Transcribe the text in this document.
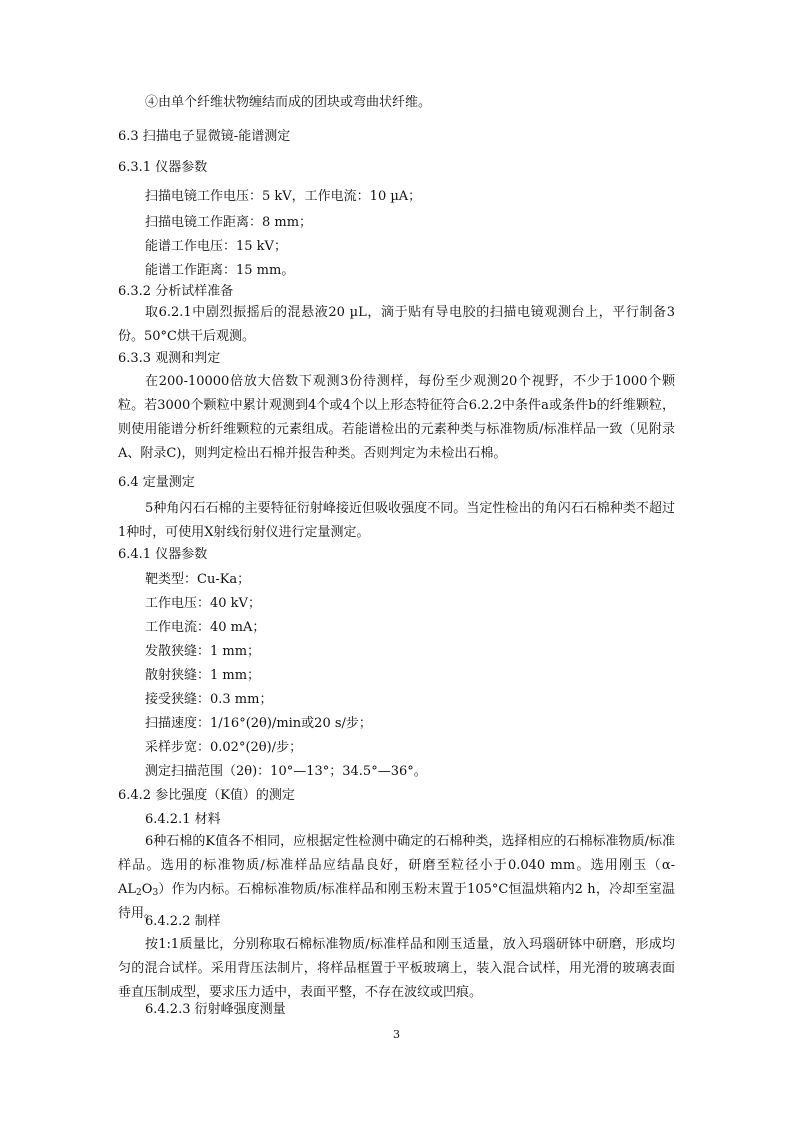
④由单个纤维状物缠结而成的团块或弯曲状纤维。
6.3 扫描电子显微镜-能谱测定
6.3.1 仪器参数
扫描电镜工作电压：5 kV，工作电流：10 µA；
扫描电镜工作距离：8 mm；
能谱工作电压：15 kV；
能谱工作距离：15 mm。
6.3.2 分析试样准备
取6.2.1中剧烈振摇后的混悬液20 µL，滴于贴有导电胶的扫描电镜观测台上，平行制备3份。50°C烘干后观测。
6.3.3 观测和判定
在200-10000倍放大倍数下观测3份待测样，每份至少观测20个视野，不少于1000个颗粒。若3000个颗粒中累计观测到4个或4个以上形态特征符合6.2.2中条件a或条件b的纤维颗粒，则使用能谱分析纤维颗粒的元素组成。若能谱检出的元素种类与标准物质/标准样品一致（见附录A、附录C)，则判定检出石棉并报告种类。否则判定为未检出石棉。
6.4 定量测定
5种角闪石石棉的主要特征衍射峰接近但吸收强度不同。当定性检出的角闪石石棉种类不超过1种时，可使用X射线衍射仪进行定量测定。
6.4.1 仪器参数
靶类型：Cu-Ka；
工作电压：40 kV；
工作电流：40 mA；
发散狭缝：1 mm；
散射狭缝：1 mm；
接受狭缝：0.3 mm；
扫描速度：1/16°(2θ)/min或20 s/步；
采样步宽：0.02°(2θ)/步；
测定扫描范围（2θ)：10°—13°；34.5°—36°。
6.4.2 参比强度（K值）的测定
6.4.2.1 材料
6种石棉的K值各不相同，应根据定性检测中确定的石棉种类，选择相应的石棉标准物质/标准样品。选用的标准物质/标准样品应结晶良好，研磨至粒径小于0.040 mm。选用刚玉$(\alpha-AL_2O_3)$作为内标。石棉标准物质/标准样品和刚玉粉末置于105°C恒温烘箱内2 h，冷却至室温待用。
6.4.2.2 制样
按1:1质量比，分别称取石棉标准物质/标准样品和刚玉适量，放入玛瑙研钵中研磨，形成均匀的混合试样。采用背压法制片，将样品框置于平板玻璃上，装入混合试样，用光滑的玻璃表面垂直压制成型，要求压力适中，表面平整，不存在波纹或凹痕。
6.4.2.3 衍射峰强度测量
3
